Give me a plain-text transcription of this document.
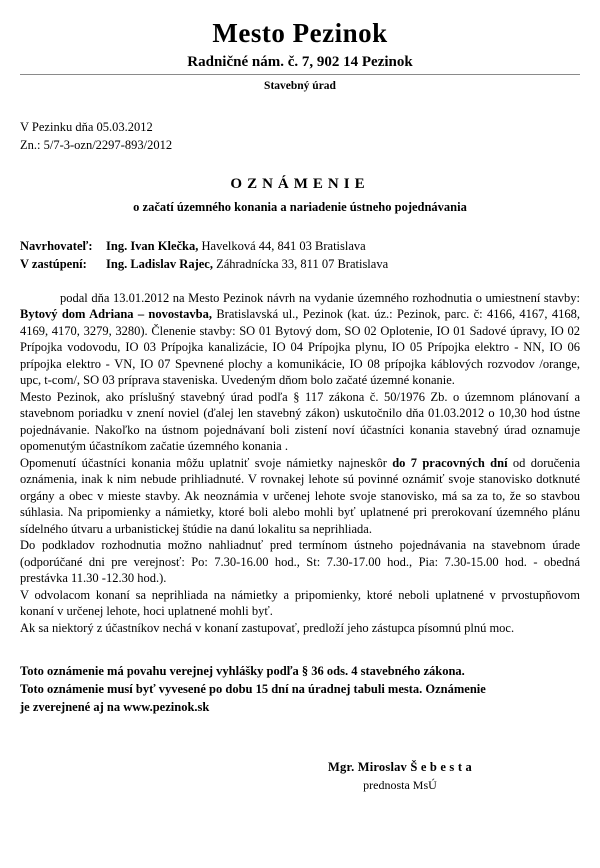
Mesto Pezinok
Radničné nám. č. 7, 902 14 Pezinok
Stavebný úrad
V Pezinku dňa 05.03.2012
Zn.: 5/7-3-ozn/2297-893/2012
OZNÁMENIE
o začatí územného konania a nariadenie ústneho pojednávania
Navrhovateľ: Ing. Ivan Klečka, Havelková 44, 841 03 Bratislava
V zastúpení: Ing. Ladislav Rajec, Záhradnícka 33, 811 07 Bratislava

podal dňa 13.01.2012 na Mesto Pezinok návrh na vydanie územného rozhodnutia o umiestnení stavby: Bytový dom Adriana – novostavba, Bratislavská ul., Pezinok (kat. úz.: Pezinok, parc. č: 4166, 4167, 4168, 4169, 4170, 3279, 3280). Členenie stavby: SO 01 Bytový dom, SO 02 Oplotenie, IO 01 Sadové úpravy, IO 02 Prípojka vodovodu, IO 03 Prípojka kanalizácie, IO 04 Prípojka plynu, IO 05 Prípojka elektro - NN, IO 06 prípojka elektro - VN, IO 07 Spevnené plochy a komunikácie, IO 08 prípojka káblových rozvodov /orange, upc, t-com/, SO 03 príprava staveniska. Uvedeným dňom bolo začaté územné konanie.

Mesto Pezinok, ako príslušný stavebný úrad podľa § 117 zákona č. 50/1976 Zb. o územnom plánovaní a stavebnom poriadku v znení noviel (ďalej len stavebný zákon) uskutočnilo dňa 01.03.2012 o 10,30 hod ústne pojednávanie. Nakoľko na ústnom pojednávaní boli zistení noví účastníci konania stavebný úrad oznamuje opomenutým účastníkom začatie územného konania .

Opomenutí účastníci konania môžu uplatniť svoje námietky najneskôr do 7 pracovných dní od doručenia oznámenia, inak k nim nebude prihliadnuté. V rovnakej lehote sú povinné oznámiť svoje stanovisko dotknuté orgány a obec v mieste stavby. Ak neoznámia v určenej lehote svoje stanovisko, má sa za to, že so stavbou súhlasia. Na pripomienky a námietky, ktoré boli alebo mohli byť uplatnené pri prerokovaní územného plánu sídelného útvaru a urbanistickej štúdie na danú lokalitu sa neprihliada.

Do podkladov rozhodnutia možno nahliadnuť pred termínom ústneho pojednávania na stavebnom úrade (odporúčané dni pre verejnosť: Po: 7.30-16.00 hod., St: 7.30-17.00 hod., Pia: 7.30-15.00 hod. - obedná prestávka 11.30 -12.30 hod.).

V odvolacom konaní sa neprihliada na námietky a pripomienky, ktoré neboli uplatnené v prvostupňovom konaní v určenej lehote, hoci uplatnené mohli byť.

Ak sa niektorý z účastníkov nechá v konaní zastupovať, predloží jeho zástupca písomnú plnú moc.

Toto oznámenie má povahu verejnej vyhlášky podľa § 36 ods. 4 stavebného zákona.
Toto oznámenie musí byť vyvesené po dobu 15 dní na úradnej tabuli mesta. Oznámenie
je zverejnené aj na www.pezinok.sk
Mgr. Miroslav Š e b e s t a
prednosta MsÚ
